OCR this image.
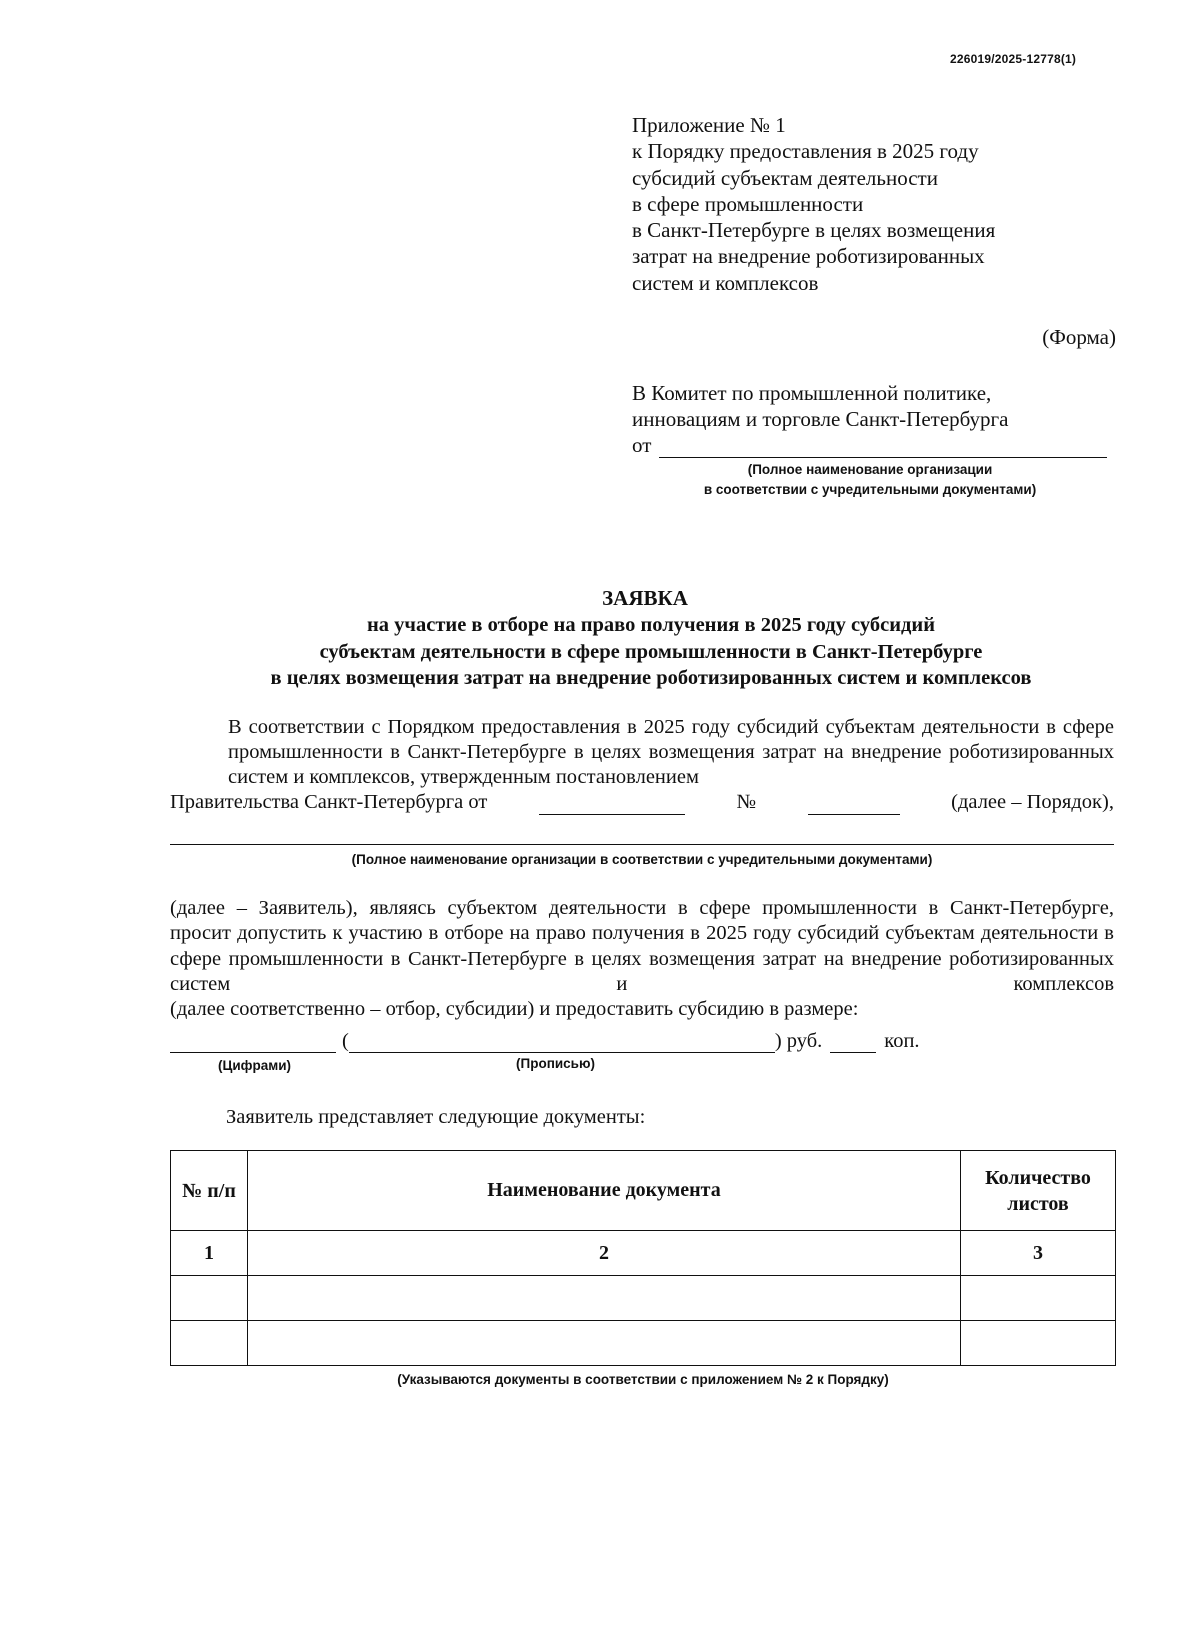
226019/2025-12778(1)
Приложение № 1
к Порядку предоставления в 2025 году
субсидий субъектам деятельности
в сфере промышленности
в Санкт-Петербурге в целях возмещения
затрат на внедрение роботизированных
систем и комплексов
(Форма)
В Комитет по промышленной политике,
инновациям и торговле Санкт-Петербурга
от
(Полное наименование организации
в соответствии с учредительными документами)
ЗАЯВКА
на участие в отборе на право получения в 2025 году субсидий
субъектам деятельности в сфере промышленности в Санкт-Петербурге
в целях возмещения затрат на внедрение роботизированных систем и комплексов
В соответствии с Порядком предоставления в 2025 году субсидий субъектам деятельности в сфере промышленности в Санкт-Петербурге в целях возмещения затрат на внедрение роботизированных систем и комплексов, утвержденным постановлением
Правительства Санкт-Петербурга от	№	(далее – Порядок),
(Полное наименование организации в соответствии с учредительными документами)
(далее – Заявитель), являясь субъектом деятельности в сфере промышленности в Санкт-Петербурге, просит допустить к участию в отборе на право получения в 2025 году субсидий субъектам деятельности в сфере промышленности в Санкт-Петербурге в целях возмещения затрат на внедрение роботизированных систем и комплексов
(далее соответственно – отбор, субсидии) и предоставить субсидию в размере:
(	) руб.	коп.
(Цифрами)	(Прописью)
Заявитель представляет следующие документы:
№ п/п	Наименование документа	Количество листов
1	2	3

(Указываются документы в соответствии с приложением № 2 к Порядку)
